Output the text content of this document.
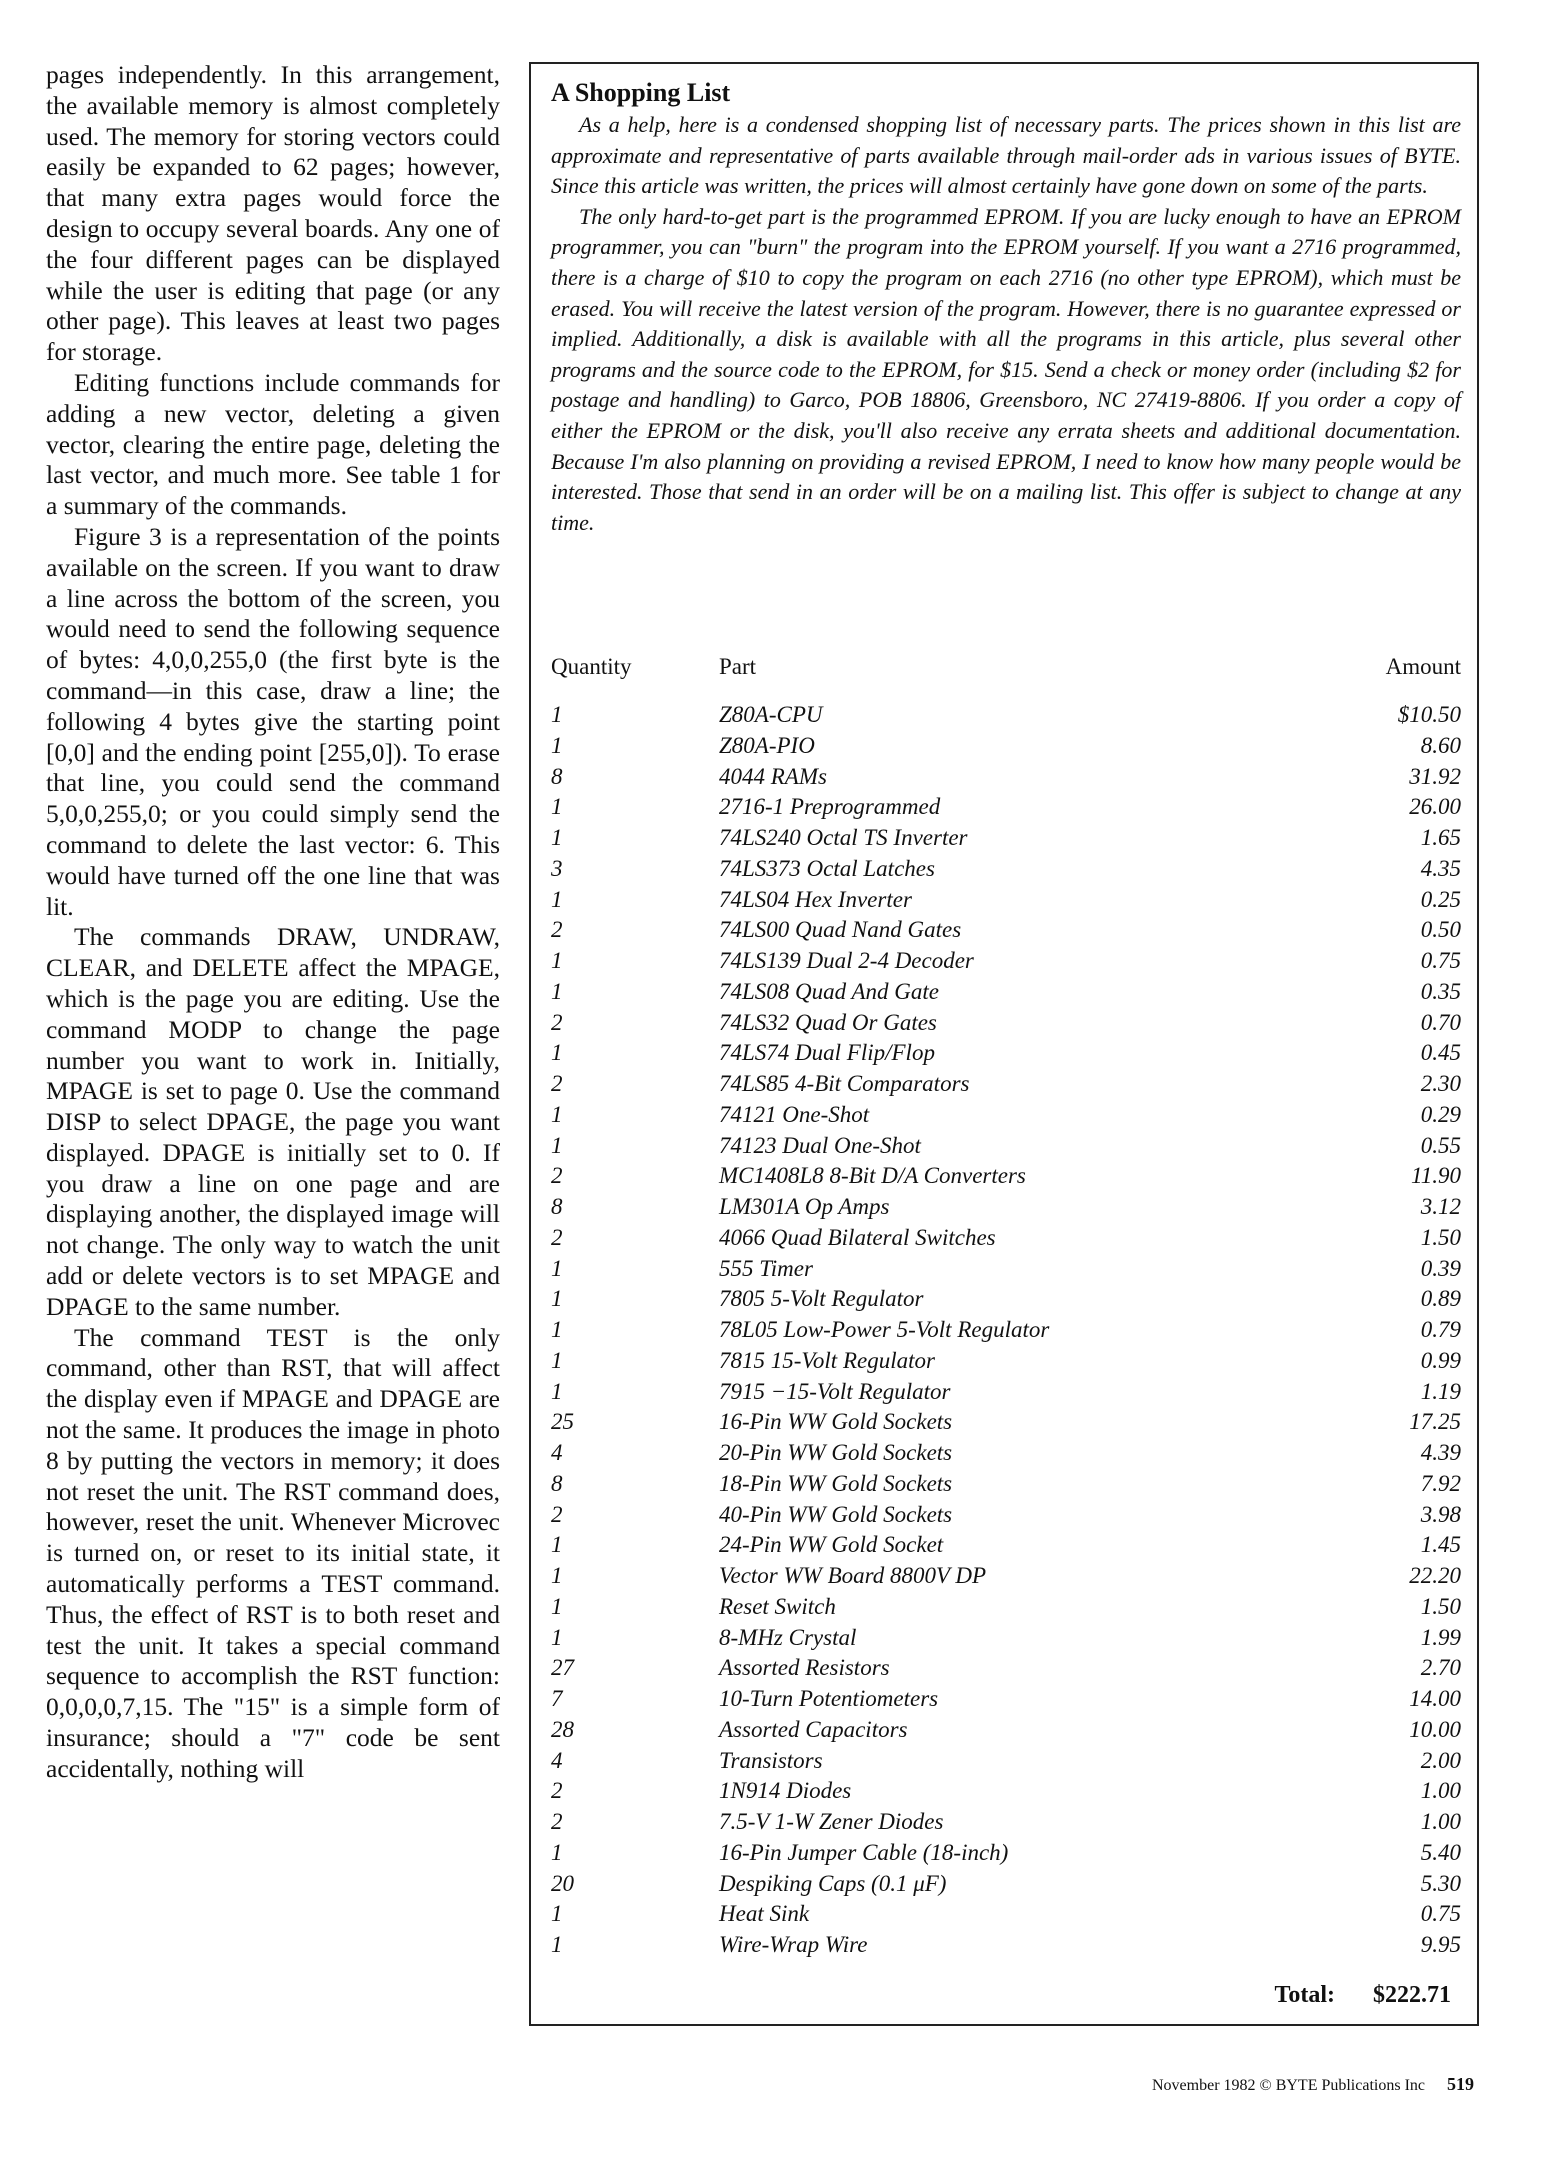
pages independently. In this arrangement, the available memory is almost completely used. The memory for storing vectors could easily be expanded to 62 pages; however, that many extra pages would force the design to occupy several boards. Any one of the four different pages can be displayed while the user is editing that page (or any other page). This leaves at least two pages for storage.

Editing functions include commands for adding a new vector, deleting a given vector, clearing the entire page, deleting the last vector, and much more. See table 1 for a summary of the commands.

Figure 3 is a representation of the points available on the screen. If you want to draw a line across the bottom of the screen, you would need to send the following sequence of bytes: 4,0,0,255,0 (the first byte is the command—in this case, draw a line; the following 4 bytes give the starting point [0,0] and the ending point [255,0]). To erase that line, you could send the command 5,0,0,255,0; or you could simply send the command to delete the last vector: 6. This would have turned off the one line that was lit.

The commands DRAW, UNDRAW, CLEAR, and DELETE affect the MPAGE, which is the page you are editing. Use the command MODP to change the page number you want to work in. Initially, MPAGE is set to page 0. Use the command DISP to select DPAGE, the page you want displayed. DPAGE is initially set to 0. If you draw a line on one page and are displaying another, the displayed image will not change. The only way to watch the unit add or delete vectors is to set MPAGE and DPAGE to the same number.

The command TEST is the only command, other than RST, that will affect the display even if MPAGE and DPAGE are not the same. It produces the image in photo 8 by putting the vectors in memory; it does not reset the unit. The RST command does, however, reset the unit. Whenever Microvec is turned on, or reset to its initial state, it automatically performs a TEST command. Thus, the effect of RST is to both reset and test the unit. It takes a special command sequence to accomplish the RST function: 0,0,0,0,7,15. The "15" is a simple form of insurance; should a "7" code be sent accidentally, nothing will

A Shopping List

As a help, here is a condensed shopping list of necessary parts. The prices shown in this list are approximate and representative of parts available through mail-order ads in various issues of BYTE. Since this article was written, the prices will almost certainly have gone down on some of the parts.

The only hard-to-get part is the programmed EPROM. If you are lucky enough to have an EPROM programmer, you can "burn" the program into the EPROM yourself. If you want a 2716 programmed, there is a charge of $10 to copy the program on each 2716 (no other type EPROM), which must be erased. You will receive the latest version of the program. However, there is no guarantee expressed or implied. Additionally, a disk is available with all the programs in this article, plus several other programs and the source code to the EPROM, for $15. Send a check or money order (including $2 for postage and handling) to Garco, POB 18806, Greensboro, NC 27419-8806. If you order a copy of either the EPROM or the disk, you'll also receive any errata sheets and additional documentation. Because I'm also planning on providing a revised EPROM, I need to know how many people would be interested. Those that send in an order will be on a mailing list. This offer is subject to change at any time.

Quantity	Part	Amount
1	Z80A-CPU	$10.50
1	Z80A-PIO	8.60
8	4044 RAMs	31.92
1	2716-1 Preprogrammed	26.00
1	74LS240 Octal TS Inverter	1.65
3	74LS373 Octal Latches	4.35
1	74LS04 Hex Inverter	0.25
2	74LS00 Quad Nand Gates	0.50
1	74LS139 Dual 2-4 Decoder	0.75
1	74LS08 Quad And Gate	0.35
2	74LS32 Quad Or Gates	0.70
1	74LS74 Dual Flip/Flop	0.45
2	74LS85 4-Bit Comparators	2.30
1	74121 One-Shot	0.29
1	74123 Dual One-Shot	0.55
2	MC1408L8 8-Bit D/A Converters	11.90
8	LM301A Op Amps	3.12
2	4066 Quad Bilateral Switches	1.50
1	555 Timer	0.39
1	7805 5-Volt Regulator	0.89
1	78L05 Low-Power 5-Volt Regulator	0.79
1	7815 15-Volt Regulator	0.99
1	7915 −15-Volt Regulator	1.19
25	16-Pin WW Gold Sockets	17.25
4	20-Pin WW Gold Sockets	4.39
8	18-Pin WW Gold Sockets	7.92
2	40-Pin WW Gold Sockets	3.98
1	24-Pin WW Gold Socket	1.45
1	Vector WW Board 8800V DP	22.20
1	Reset Switch	1.50
1	8-MHz Crystal	1.99
27	Assorted Resistors	2.70
7	10-Turn Potentiometers	14.00
28	Assorted Capacitors	10.00
4	Transistors	2.00
2	1N914 Diodes	1.00
2	7.5-V 1-W Zener Diodes	1.00
1	16-Pin Jumper Cable (18-inch)	5.40
20	Despiking Caps (0.1 μF)	5.30
1	Heat Sink	0.75
1	Wire-Wrap Wire	9.95
Total: $222.71
November 1982 © BYTE Publications Inc 519
